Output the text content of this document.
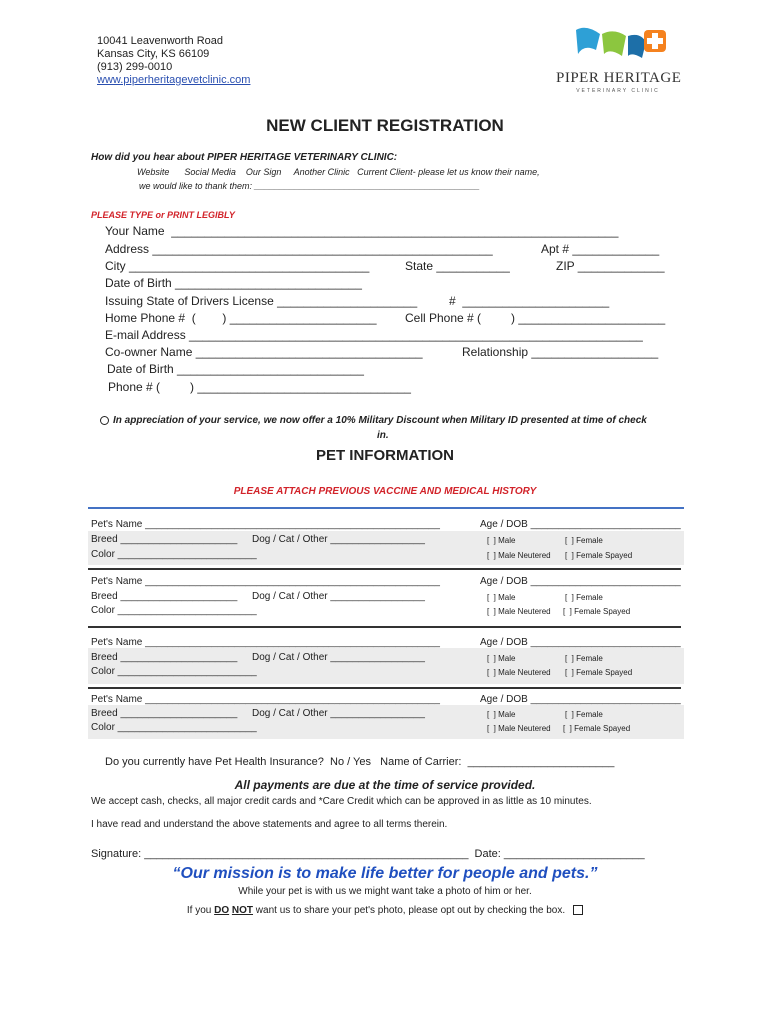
10041 Leavenworth Road
Kansas City, KS 66109
(913) 299-0010
www.piperheritagevetclinic.com	PIPER HERITAGE
VETERINARY CLINIC
NEW CLIENT REGISTRATION
How did you hear about PIPER HERITAGE VETERINARY CLINIC:
Website      Social Media    Our Sign     Another Clinic   Current Client- please let us know their name,
we would like to thank them: _____________________________________________
PLEASE TYPE or PRINT LEGIBLY
Your Name  ___________________________________________________________________
Address ___________________________________________________	Apt # _____________
City ____________________________________	State ___________	ZIP _____________
Date of Birth ____________________________
Issuing State of Drivers License _____________________	#  ______________________
Home Phone #  (        ) ______________________ Cell Phone # (         ) ______________________
E-mail Address ____________________________________________________________________
Co-owner Name __________________________________	Relationship ___________________
Date of Birth ____________________________
Phone # (         ) ________________________________
In appreciation of your service, we now offer a 10% Military Discount when Military ID presented at time of check
in.
PET INFORMATION
PLEASE ATTACH PREVIOUS VACCINE AND MEDICAL HISTORY
Pet's Name _____________________________________________________	Age / DOB ___________________________
Breed _____________________ Dog / Cat / Other _________________
Color _________________________
[  ] Male	[  ] Female
[  ] Male Neutered [  ] Female Spayed
Pet's Name _____________________________________________________	Age / DOB ___________________________
Breed _____________________ Dog / Cat / Other _________________
Color _________________________
[  ] Male	[  ] Female
[  ] Male Neutered [  ] Female Spayed
Pet's Name _____________________________________________________	Age / DOB ___________________________
Breed _____________________ Dog / Cat / Other _________________
Color _________________________
[  ] Male	[  ] Female
[  ] Male Neutered [  ] Female Spayed
Pet's Name _____________________________________________________	Age / DOB ___________________________
Breed _____________________ Dog / Cat / Other _________________
Color _________________________
[  ] Male	[  ] Female
[  ] Male Neutered [  ] Female Spayed
Do you currently have Pet Health Insurance?  No / Yes   Name of Carrier:  ________________________
All payments are due at the time of service provided.
We accept cash, checks, all major credit cards and *Care Credit which can be approved in as little as 10 minutes.
I have read and understand the above statements and agree to all terms therein.
Signature: _____________________________________________________  Date: _______________________
“Our mission is to make life better for people and pets.”
While your pet is with us we might want take a photo of him or her.
If you DO NOT want us to share your pet's photo, please opt out by checking the box.
